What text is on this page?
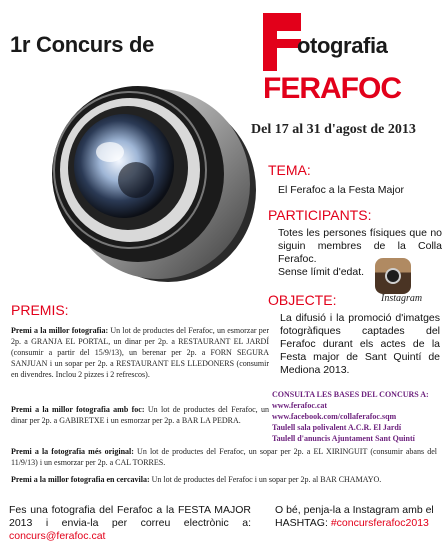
1r Concurs de	otografia
FERAFOC
Del 17 al 31 d'agost de 2013
TEMA:
El Ferafoc a la Festa Major
PARTICIPANTS:
Totes les persones físiques que no siguin membres de la Colla Ferafoc.
Sense límit d'edat.
Instagram
OBJECTE:
La difusió i la promoció d'imatges fotogràfiques captades del Ferafoc durant els actes de la Festa major de Sant Quintí de Mediona 2013.
CONSULTA LES BASES DEL CONCURS A:
www.ferafoc.cat
www.facebook.com/collaferafoc.sqm
Taulell sala polivalent A.C.R. El Jardí
Taulell d'anuncis Ajuntament Sant Quintí
PREMIS:
Premi a la millor fotografia: Un lot de productes del Ferafoc, un esmorzar per 2p. a GRANJA EL PORTAL, un dinar per 2p. a RESTAURANT EL JARDÍ (consumir a partir del 15/9/13), un berenar per 2p. a FORN SEGURA SANJUAN i un sopar per 2p. a RESTAURANT ELS LLEDONERS (consumir en divendres. Inclou 2 pizzes i 2 refrescos).
Premi a la millor fotografia amb foc: Un lot de productes del Ferafoc, un dinar per 2p. a GABIRETXE i un esmorzar per 2p. a BAR LA PEDRA.
Premi a la fotografia més original: Un lot de productes del Ferafoc, un sopar per 2p. a EL XIRINGUIT (consumir abans del 11/9/13) i un esmorzar per 2p. a CAL TORRES.
Premi a la millor fotografia en cercavila: Un lot de productes del Ferafoc i un sopar per 2p. al BAR CHAMAYO.
Fes una fotografia del Ferafoc a la FESTA MAJOR 2013 i envia-la per correu electrònic a: concurs@ferafoc.cat
O bé, penja-la a Instagram amb el HASHTAG: #concursferafoc2013
